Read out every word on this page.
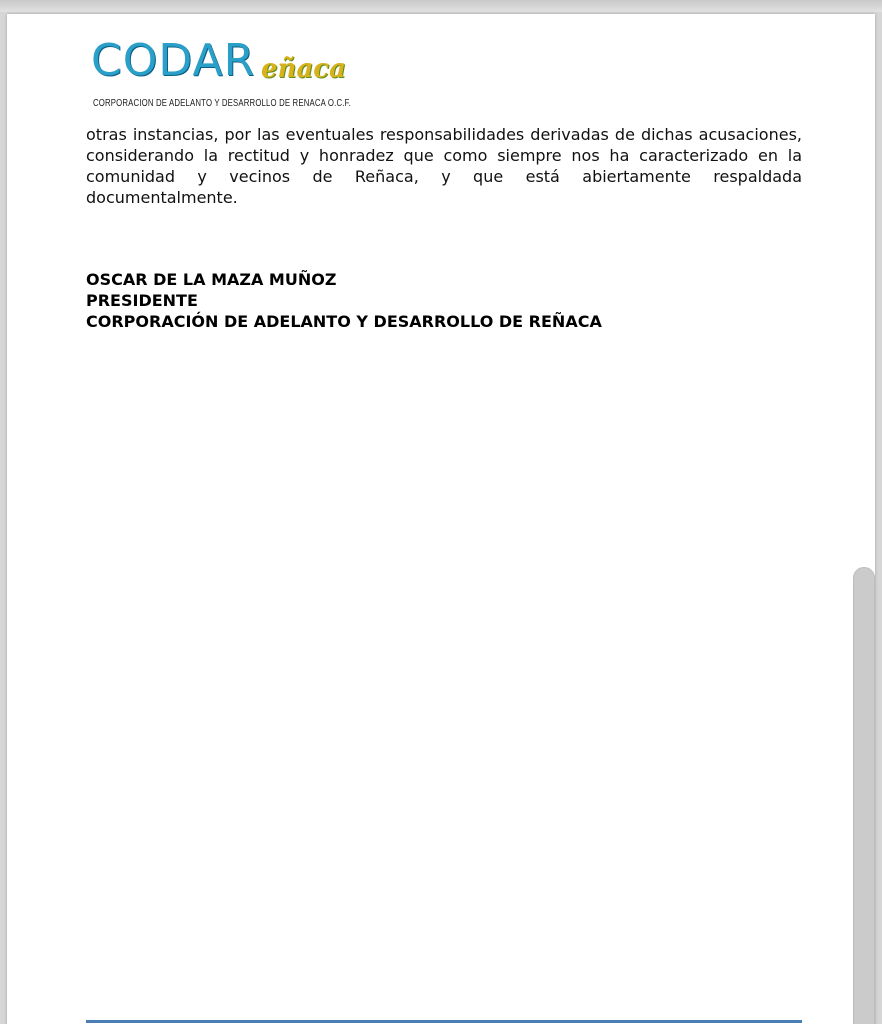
CODAR eñaca
CORPORACION DE ADELANTO Y DESARROLLO DE RENACA O.C.F.

otras instancias, por las eventuales responsabilidades derivadas de dichas acusaciones, considerando la rectitud y honradez que como siempre nos ha caracterizado en la comunidad y vecinos de Reñaca, y que está abiertamente respaldada documentalmente.

OSCAR DE LA MAZA MUÑOZ
PRESIDENTE
CORPORACIÓN DE ADELANTO Y DESARROLLO DE REÑACA
